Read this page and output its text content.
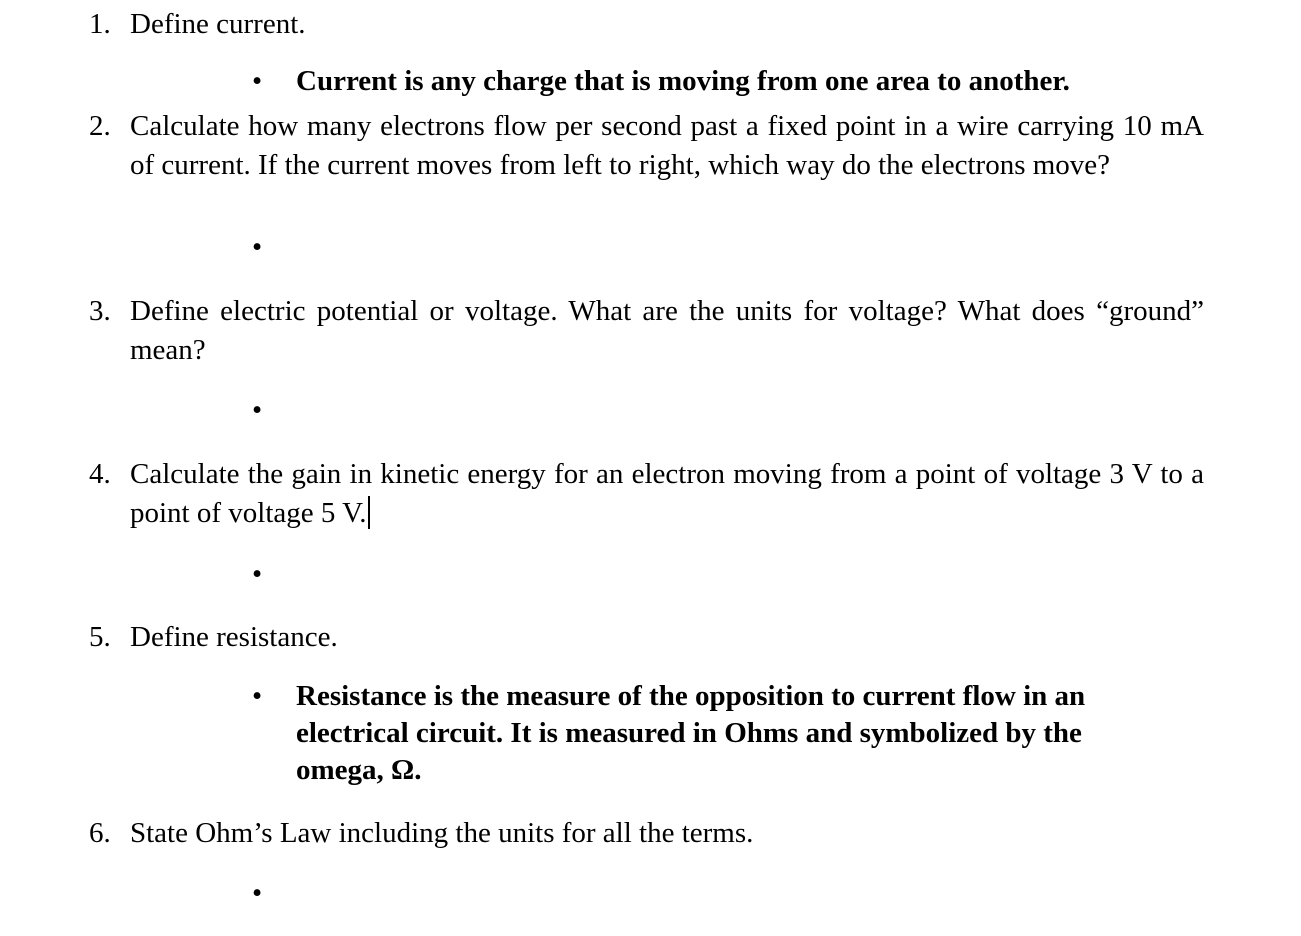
1. Define current.
• Current is any charge that is moving from one area to another.
2. Calculate how many electrons flow per second past a fixed point in a wire carrying 10 mA of current. If the current moves from left to right, which way do the electrons move?
•
3. Define electric potential or voltage. What are the units for voltage? What does “ground” mean?
•
4. Calculate the gain in kinetic energy for an electron moving from a point of voltage 3 V to a point of voltage 5 V.
•
5. Define resistance.
• Resistance is the measure of the opposition to current flow in an
electrical circuit. It is measured in Ohms and symbolized by the
omega, Ω.
6. State Ohm’s Law including the units for all the terms.
•
